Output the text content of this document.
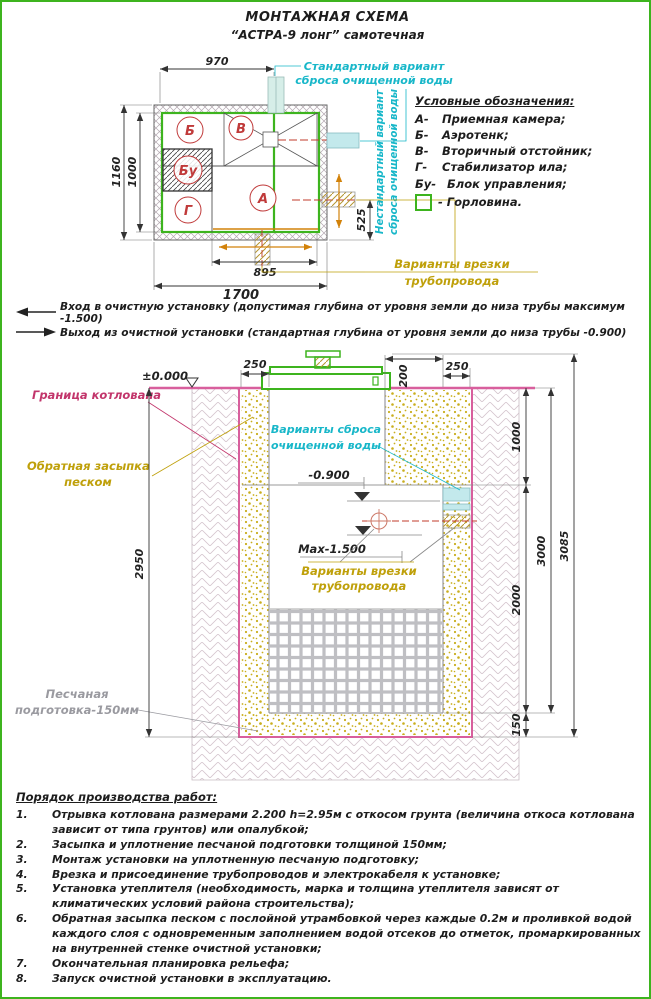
МОНТАЖНАЯ СХЕМА
“АСТРА-9 лонг” самотечная
Б	В
Бу
Г
А
970
1000
1160
525
895
1700
Стандартный вариант
сброса очищенной воды
Нестандартный вариант сброса очищенной воды
Варианты врезки
трубопровода
Условные обозначения:
А-	Приемная камера;
Б-	Аэротенк;
В-	Вторичный отстойник;
Г-	Стабилизатор ила;
Бу- Блок управления;
- Горловина.
Вход в очистную установку (допустимая глубина от уровня земли до низа трубы максимум -1.500)
Выход из очистной установки (стандартная глубина от уровня земли до низа трубы -0.900)
±0.000
-0.900
Max-1.500
Варианты врезки
трубопровода
Варианты сброса
очищенной воды
Граница котлована
Обратная засыпка
песком
Песчаная
подготовка-150мм
2950
250
200	250
1000
2000
150
3000 3085
Порядок производства работ:
1.	Отрывка котлована размерами 2.200 h=2.95м с откосом грунта (величина откоса котлована зависит от типа грунтов) или опалубкой;
2.	Засыпка и уплотнение песчаной подготовки толщиной 150мм;
3.	Монтаж установки на уплотненную песчаную подготовку;
4.	Врезка и присоединение трубопроводов и электрокабеля к установке;
5.	Установка утеплителя (необходимость, марка и толщина утеплителя зависят от климатических условий района строительства);
6.	Обратная засыпка песком с послойной утрамбовкой через каждые 0.2м и проливкой водой каждого слоя с одновременным заполнением водой отсеков до отметок, промаркированных на внутренней стенке очистной установки;
7.	Окончательная планировка рельефа;
8.	Запуск очистной установки в эксплуатацию.
